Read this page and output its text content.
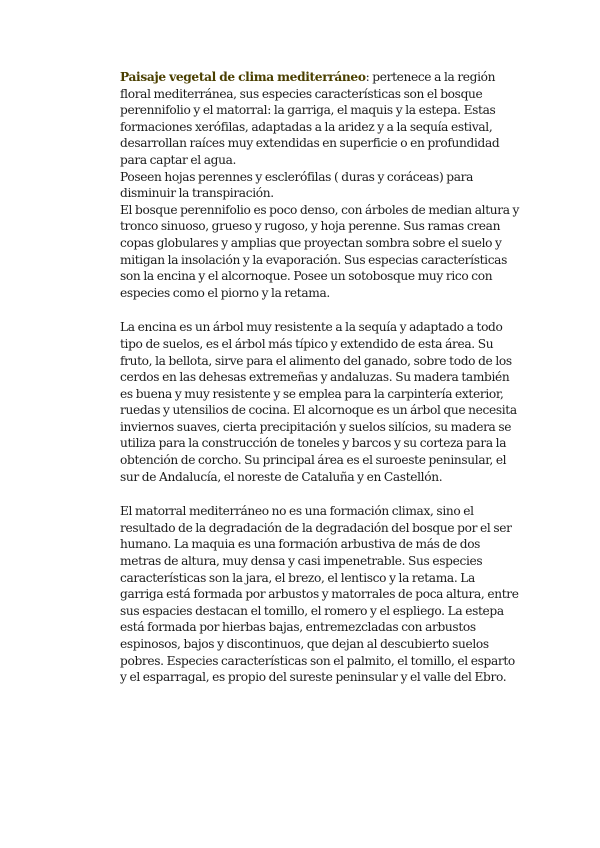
Paisaje vegetal de clima mediterráneo: pertenece a la región floral mediterránea, sus especies características son el bosque perennifolio y el matorral: la garriga, el maquis y la estepa. Estas formaciones xerófilas, adaptadas a la aridez y a la sequía estival, desarrollan raíces muy extendidas en superficie o en profundidad para captar el agua.

Poseen hojas perennes y esclerófilas ( duras y coráceas) para disminuir la transpiración.

El bosque perennifolio es poco denso, con árboles de median altura y tronco sinuoso, grueso y rugoso, y hoja perenne. Sus ramas crean copas globulares y amplias que proyectan sombra sobre el suelo y mitigan la insolación y la evaporación. Sus especias características son la encina y el alcornoque. Posee un sotobosque muy rico con especies como el piorno y la retama.

La encina es un árbol muy resistente a la sequía y adaptado a todo tipo de suelos, es el árbol más típico y extendido de esta área. Su fruto, la bellota, sirve para el alimento del ganado, sobre todo de los cerdos en las dehesas extremeñas y andaluzas. Su madera también es buena y muy resistente y se emplea para la carpintería exterior, ruedas y utensilios de cocina. El alcornoque es un árbol que necesita inviernos suaves, cierta precipitación y suelos silícios, su madera se utiliza para la construcción de toneles y barcos y su corteza para la obtención de corcho. Su principal área es el suroeste peninsular, el sur de Andalucía, el noreste de Cataluña y en Castellón.

El matorral mediterráneo no es una formación climax, sino el resultado de la degradación de la degradación del bosque por el ser humano. La maquia es una formación arbustiva de más de dos metras de altura, muy densa y casi impenetrable. Sus especies características son la jara, el brezo, el lentisco y la retama. La garriga está formada por arbustos y matorrales de poca altura, entre sus espacies destacan el tomillo, el romero y el espliego. La estepa está formada por hierbas bajas, entremezcladas con arbustos espinosos, bajos y discontinuos, que dejan al descubierto suelos pobres. Especies características son el palmito, el tomillo, el esparto y el esparragal, es propio del sureste peninsular y el valle del Ebro.
